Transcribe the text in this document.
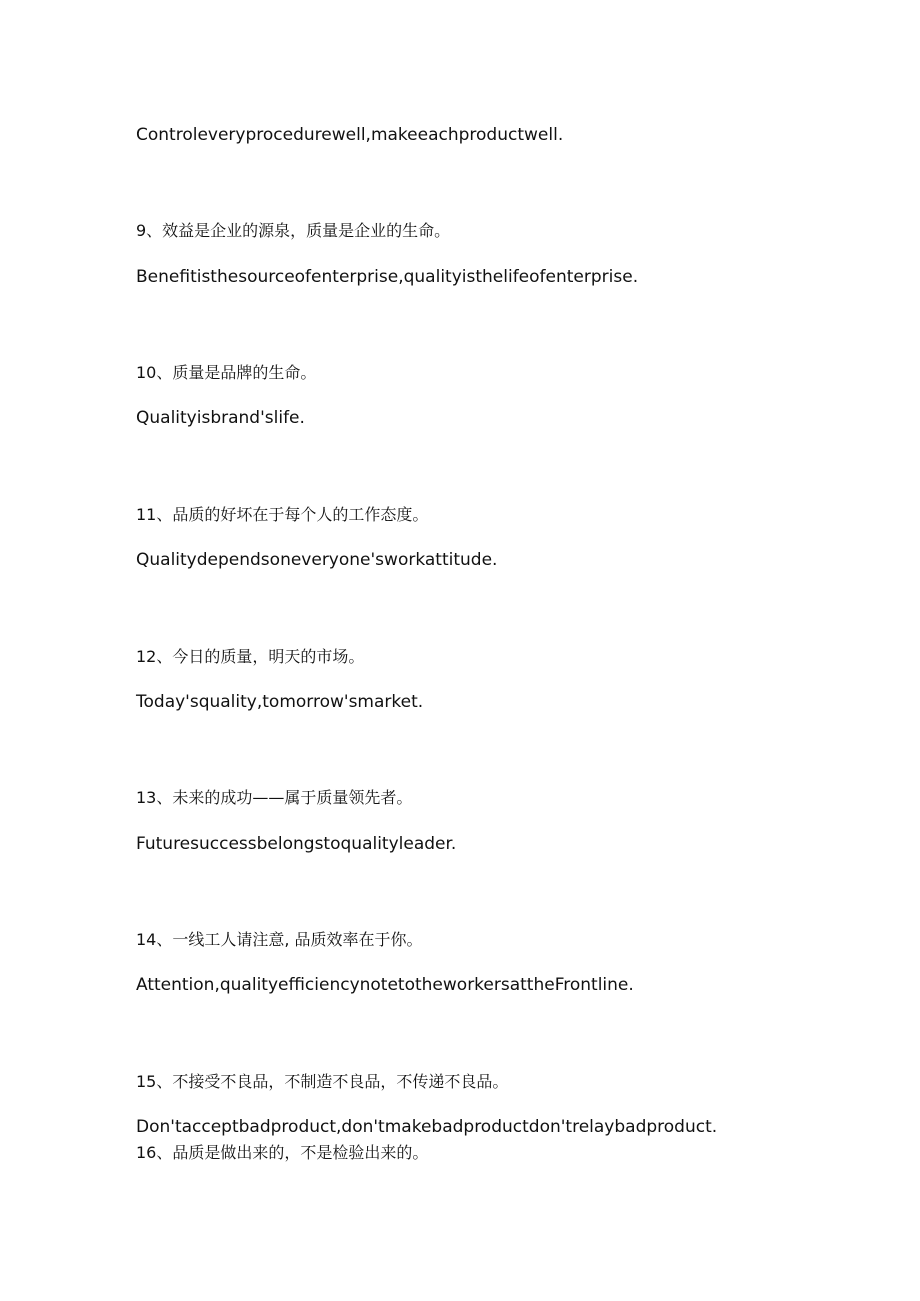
Controleveryprocedurewell,makeeachproductwell.
9、效益是企业的源泉，质量是企业的生命。
Benefitisthesourceofenterprise,qualityisthelifeofenterprise.
10、质量是品牌的生命。
Qualityisbrand'slife.
11、品质的好坏在于每个人的工作态度。
Qualitydependsoneveryone'sworkattitude.
12、今日的质量，明天的市场。
Today'squality,tomorrow'smarket.
13、未来的成功——属于质量领先者。
Futuresuccessbelongstoqualityleader.
14、一线工人请注意, 品质效率在于你。
Attention,qualityefficiencynotetotheworkersattheFrontline.
15、不接受不良品，不制造不良品，不传递不良品。
Don'tacceptbadproduct,don'tmakebadproductdon'trelaybadproduct.
16、品质是做出来的，不是检验出来的。
